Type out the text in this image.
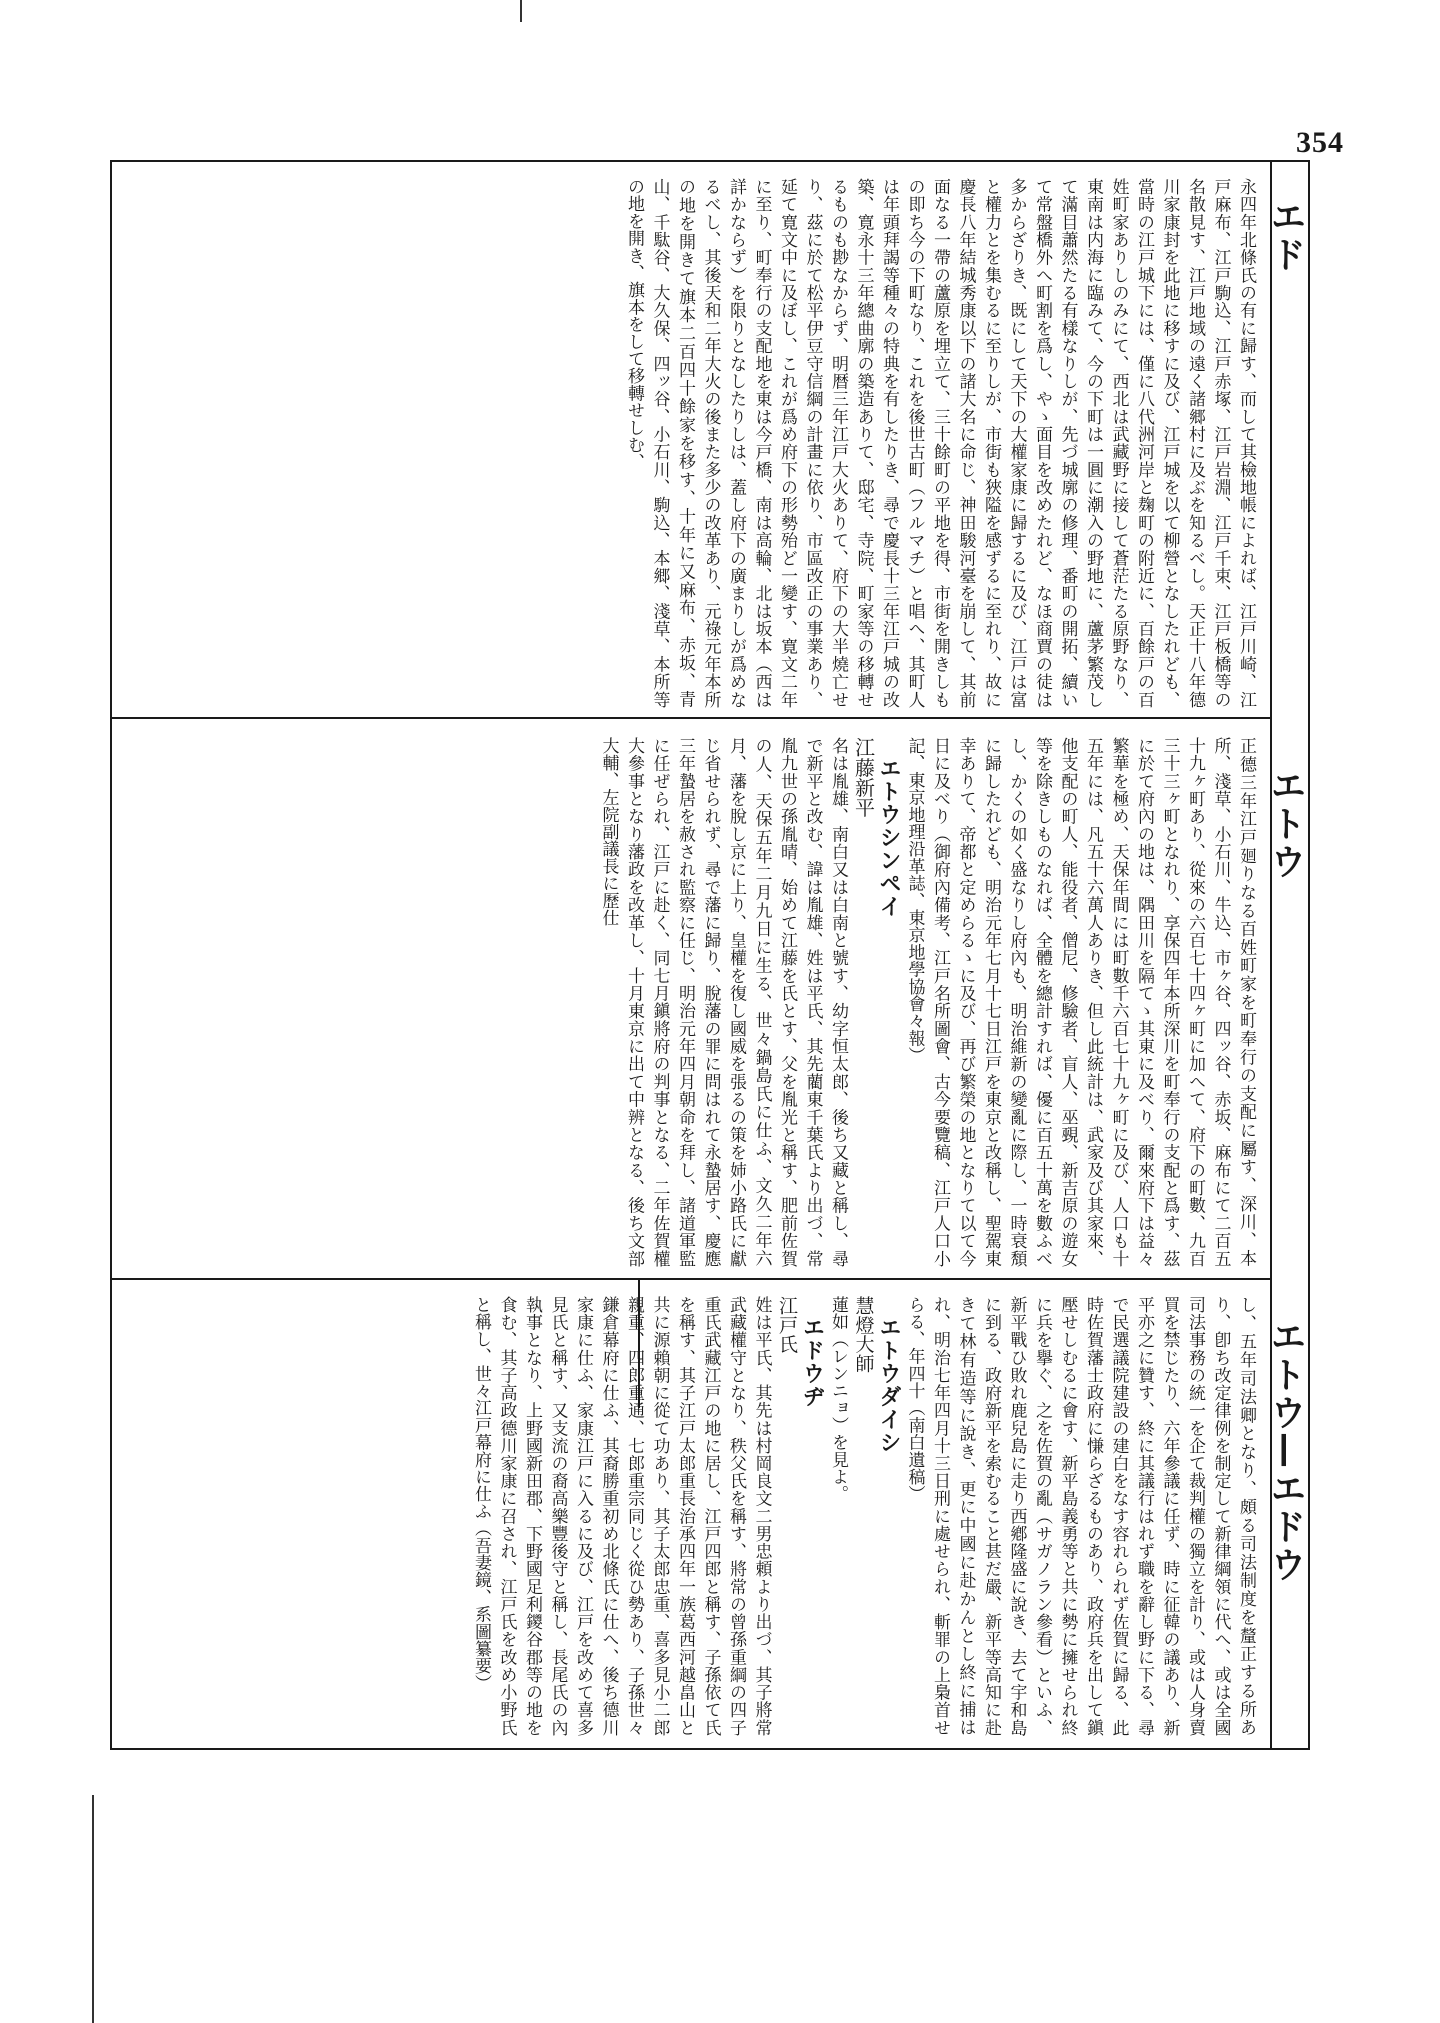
354
エド
エトウ
エトウ—エドウ

永四年北條氏の有に歸す、而して其檢地帳によれば、江戸川崎、江戸麻布、江戸駒込、江戸赤塚、江戸岩淵、江戸千束、江戸板橋等の名散見す、江戸地域の遠く諸郷村に及ぶを知るべし。天正十八年德川家康封を此地に移すに及び、江戸城を以て柳營となしたれども、當時の江戸城下には、僅に八代洲河岸と麹町の附近に、百餘戸の百姓町家ありしのみにて、西北は武藏野に接して蒼茫たる原野なり、東南は内海に臨みて、今の下町は一圓に潮入の野地に、蘆茅繁茂して滿目蕭然たる有樣なりしが、先づ城廓の修理、番町の開拓、續いて常盤橋外へ町割を爲し、やゝ面目を改めたれど、なほ商賈の徒は多からざりき、既にして天下の大權家康に歸するに及び、江戸は富と權力とを集むるに至りしが、市街も狹隘を感ずるに至れり、故に慶長八年結城秀康以下の諸大名に命じ、神田駿河臺を崩して、其前面なる一帶の蘆原を埋立て、三十餘町の平地を得、市街を開きしもの即ち今の下町なり、これを後世古町（フルマチ）と唱へ、其町人は年頭拜謁等種々の特典を有したりき、尋で慶長十三年江戸城の改築、寛永十三年總曲廓の築造ありて、邸宅、寺院、町家等の移轉せるものも尠なからず、明暦三年江戸大火ありて、府下の大半燒亡せり、茲に於て松平伊豆守信綱の計畫に依り、市區改正の事業あり、延て寛文中に及ぼし、これが爲め府下の形勢殆ど一變す、寛文二年に至り、町奉行の支配地を東は今戸橋、南は高輪、北は坂本（西は詳かならず）を限りとなしたりしは、蓋し府下の廣まりしが爲めなるべし、其後天和二年大火の後また多少の改革あり、元祿元年本所の地を開きて旗本二百四十餘家を移す、十年に又麻布、赤坂、青山、千駄谷、大久保、四ッ谷、小石川、駒込、本郷、淺草、本所等の地を開き、旗本をして移轉せしむ、

正德三年江戸廻りなる百姓町家を町奉行の支配に屬す、深川、本所、淺草、小石川、牛込、市ヶ谷、四ッ谷、赤坂、麻布にて二百五十九ヶ町あり、從來の六百七十四ヶ町に加へて、府下の町數、九百三十三ヶ町となれり、享保四年本所深川を町奉行の支配と爲す、茲に於て府內の地は、隅田川を隔てゝ其東に及べり、爾來府下は益々繁華を極め、天保年間には町數千六百七十九ヶ町に及び、人口も十五年には、凡五十六萬人ありき、但し此統計は、武家及び其家來、他支配の町人、能役者、僧尼、修驗者、盲人、巫覡、新吉原の遊女等を除きしものなれば、全體を總計すれば、優に百五十萬を數ふべし、かくの如く盛なりし府內も、明治維新の變亂に際し、一時衰頽に歸したれども、明治元年七月十七日江戸を東京と改稱し、聖駕東幸ありて、帝都と定めらるゝに及び、再び繁榮の地となりて以て今日に及べり（御府內備考、江戸名所圖會、古今要覽稿、江戸人口小記、東京地理沿革誌、東京地學協會々報）

エトウシンペイ

江藤新平

名は胤雄、南白又は白南と號す、幼字恒太郎、後ち又藏と稱し、尋で新平と改む、諱は胤雄、姓は平氏、其先藺東千葉氏より出づ、常胤九世の孫胤晴、始めて江藤を氏とす、父を胤光と稱す、肥前佐賀の人、天保五年二月九日に生る、世々鍋島氏に仕ふ、文久二年六月、藩を脫し京に上り、皇權を復し國威を張るの策を姉小路氏に獻じ省せられず、尋で藩に歸り、脫藩の罪に問はれて永蟄居す、慶應三年蟄居を赦され監察に任じ、明治元年四月朝命を拜し、諸道軍監に任ぜられ、江戸に赴く、同七月鎭將府の判事となる、二年佐賀權大參事となり藩政を改革し、十月東京に出て中辨となる、後ち文部大輔、左院副議長に歷仕

し、五年司法卿となり、頗る司法制度を釐正する所あり、卽ち改定律例を制定して新律綱領に代へ、或は全國司法事務の統一を企て裁判權の獨立を計り、或は人身賣買を禁じたり、六年參議に任ず、時に征韓の議あり、新平亦之に贊す、終に其議行はれず職を辭し野に下る、尋で民選議院建設の建白をなす容れられず佐賀に歸る、此時佐賀藩士政府に慊らざるものあり、政府兵を出して鎭壓せしむるに會す、新平島義勇等と共に勢に擁せられ終に兵を擧ぐ、之を佐賀の亂（サガノラン參看）といふ、新平戰ひ敗れ鹿兒島に走り西鄕隆盛に說き、去て宇和島に到る、政府新平を索むること甚だ嚴、新平等高知に赴きて林有造等に說き、更に中國に赴かんとし終に捕はれ、明治七年四月十三日刑に處せられ、斬罪の上梟首せらる、年四十（南白遺稿）

エトウダイシ

慧燈大師

蓮如（レンニョ）を見よ。

エドウヂ

江戸氏

姓は平氏、其先は村岡良文二男忠頼より出づ、其子將常武藏權守となり、秩父氏を稱す、將常の曾孫重綱の四子重氏武藏江戸の地に居し、江戸四郎と稱す、子孫依て氏を稱す、其子江戸太郎重長治承四年一族葛西河越畠山と共に源賴朝に從て功あり、其子太郎忠重、喜多見小二郎親重、四郎重通、七郎重宗同じく從ひ勢あり、子孫世々鎌倉幕府に仕ふ、其裔勝重初め北條氏に仕へ、後ち德川家康に仕ふ、家康江戸に入るに及び、江戸を改めて喜多見氏と稱す、又支流の裔高樂豐後守と稱し、長尾氏の內執事となり、上野國新田郡、下野國足利鑁谷郡等の地を食む、其子高政德川家康に召され、江戸氏を改め小野氏と稱し、世々江戸幕府に仕ふ（吾妻鏡、系圖纂要）
